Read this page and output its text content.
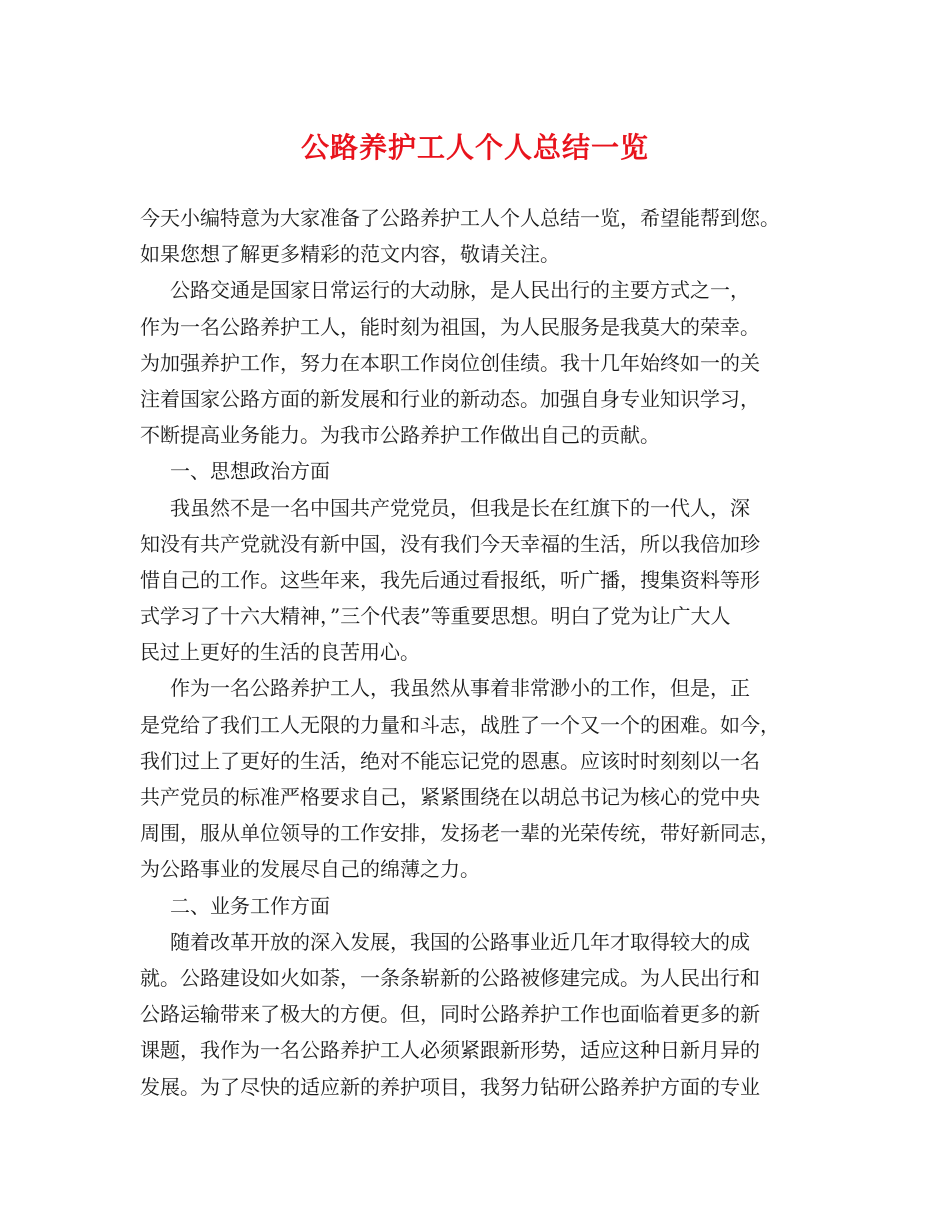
公路养护工人个人总结一览
今天小编特意为大家准备了公路养护工人个人总结一览，希望能帮到您。
如果您想了解更多精彩的范文内容，敬请关注。
公路交通是国家日常运行的大动脉，是人民出行的主要方式之一，
作为一名公路养护工人，能时刻为祖国，为人民服务是我莫大的荣幸。
为加强养护工作，努力在本职工作岗位创佳绩。我十几年始终如一的关
注着国家公路方面的新发展和行业的新动态。加强自身专业知识学习，
不断提高业务能力。为我市公路养护工作做出自己的贡献。
一、思想政治方面
我虽然不是一名中国共产党党员，但我是长在红旗下的一代人，深
知没有共产党就没有新中国，没有我们今天幸福的生活，所以我倍加珍
惜自己的工作。这些年来，我先后通过看报纸，听广播，搜集资料等形
式学习了十六大精神，”三个代表”等重要思想。明白了党为让广大人
民过上更好的生活的良苦用心。
作为一名公路养护工人，我虽然从事着非常渺小的工作，但是，正
是党给了我们工人无限的力量和斗志，战胜了一个又一个的困难。如今，
我们过上了更好的生活，绝对不能忘记党的恩惠。应该时时刻刻以一名
共产党员的标准严格要求自己，紧紧围绕在以胡总书记为核心的党中央
周围，服从单位领导的工作安排，发扬老一辈的光荣传统，带好新同志，
为公路事业的发展尽自己的绵薄之力。
二、业务工作方面
随着改革开放的深入发展，我国的公路事业近几年才取得较大的成
就。公路建设如火如荼，一条条崭新的公路被修建完成。为人民出行和
公路运输带来了极大的方便。但，同时公路养护工作也面临着更多的新
课题，我作为一名公路养护工人必须紧跟新形势，适应这种日新月异的
发展。为了尽快的适应新的养护项目，我努力钻研公路养护方面的专业
